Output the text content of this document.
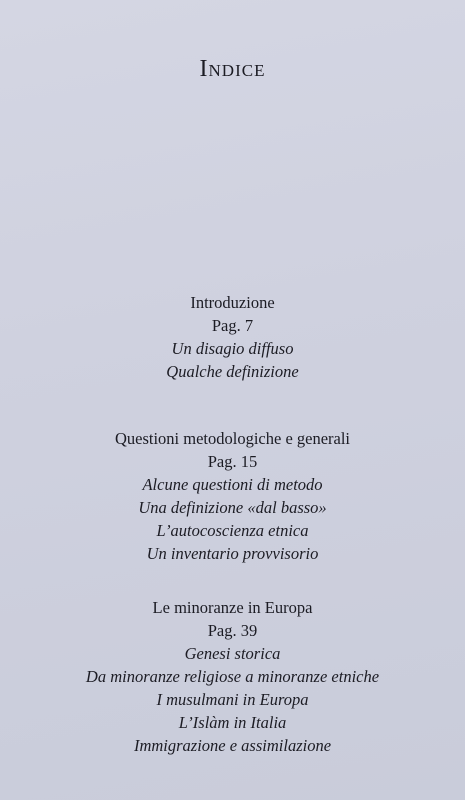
Indice
Introduzione
Pag. 7
Un disagio diffuso
Qualche definizione
Questioni metodologiche e generali
Pag. 15
Alcune questioni di metodo
Una definizione «dal basso»
L’autocoscienza etnica
Un inventario provvisorio
Le minoranze in Europa
Pag. 39
Genesi storica
Da minoranze religiose a minoranze etniche
I musulmani in Europa
L’Islàm in Italia
Immigrazione e assimilazione
